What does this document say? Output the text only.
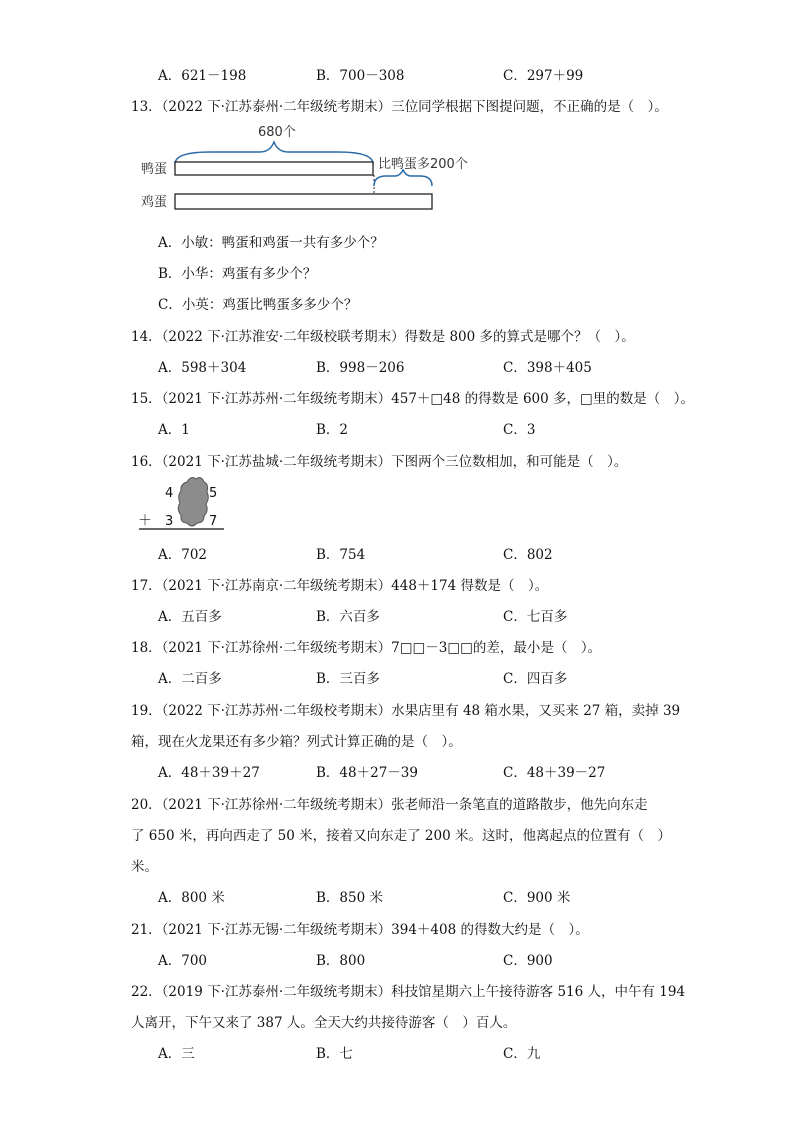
A．621－198	B．700－308	C．297＋99
13．（2022 下·江苏泰州·二年级统考期末）三位同学根据下图提问题，不正确的是（　）。
680个
鸭蛋	比鸭蛋多200个
鸡蛋
A．小敏：鸭蛋和鸡蛋一共有多少个？
B．小华：鸡蛋有多少个？
C．小英：鸡蛋比鸭蛋多多少个？
14．（2022 下·江苏淮安·二年级校联考期末）得数是 800 多的算式是哪个？（　）。
A．598＋304	B．998－206	C．398＋405
15．（2021 下·江苏苏州·二年级统考期末）457＋□48 的得数是 600 多，□里的数是（　）。
A．1	B．2	C．3
16．（2021 下·江苏盐城·二年级统考期末）下图两个三位数相加，和可能是（　）。
4	5
＋ 3	7
A．702	B．754	C．802
17．（2021 下·江苏南京·二年级统考期末）448＋174 得数是（　）。
A．五百多	B．六百多	C．七百多
18．（2021 下·江苏徐州·二年级统考期末）7□□－3□□的差，最小是（　）。
A．二百多	B．三百多	C．四百多
19．（2022 下·江苏苏州·二年级校考期末）水果店里有 48 箱水果，又买来 27 箱，卖掉 39
箱，现在火龙果还有多少箱？列式计算正确的是（　）。
A．48＋39＋27	B．48＋27－39	C．48＋39－27
20．（2021 下·江苏徐州·二年级统考期末）张老师沿一条笔直的道路散步，他先向东走
了 650 米，再向西走了 50 米，接着又向东走了 200 米。这时，他离起点的位置有（　）
米。
A．800 米	B．850 米	C．900 米
21．（2021 下·江苏无锡·二年级统考期末）394＋408 的得数大约是（　）。
A．700	B．800	C．900
22．（2019 下·江苏泰州·二年级统考期末）科技馆星期六上午接待游客 516 人，中午有 194
人离开，下午又来了 387 人。全天大约共接待游客（　）百人。
A．三	B．七	C．九
